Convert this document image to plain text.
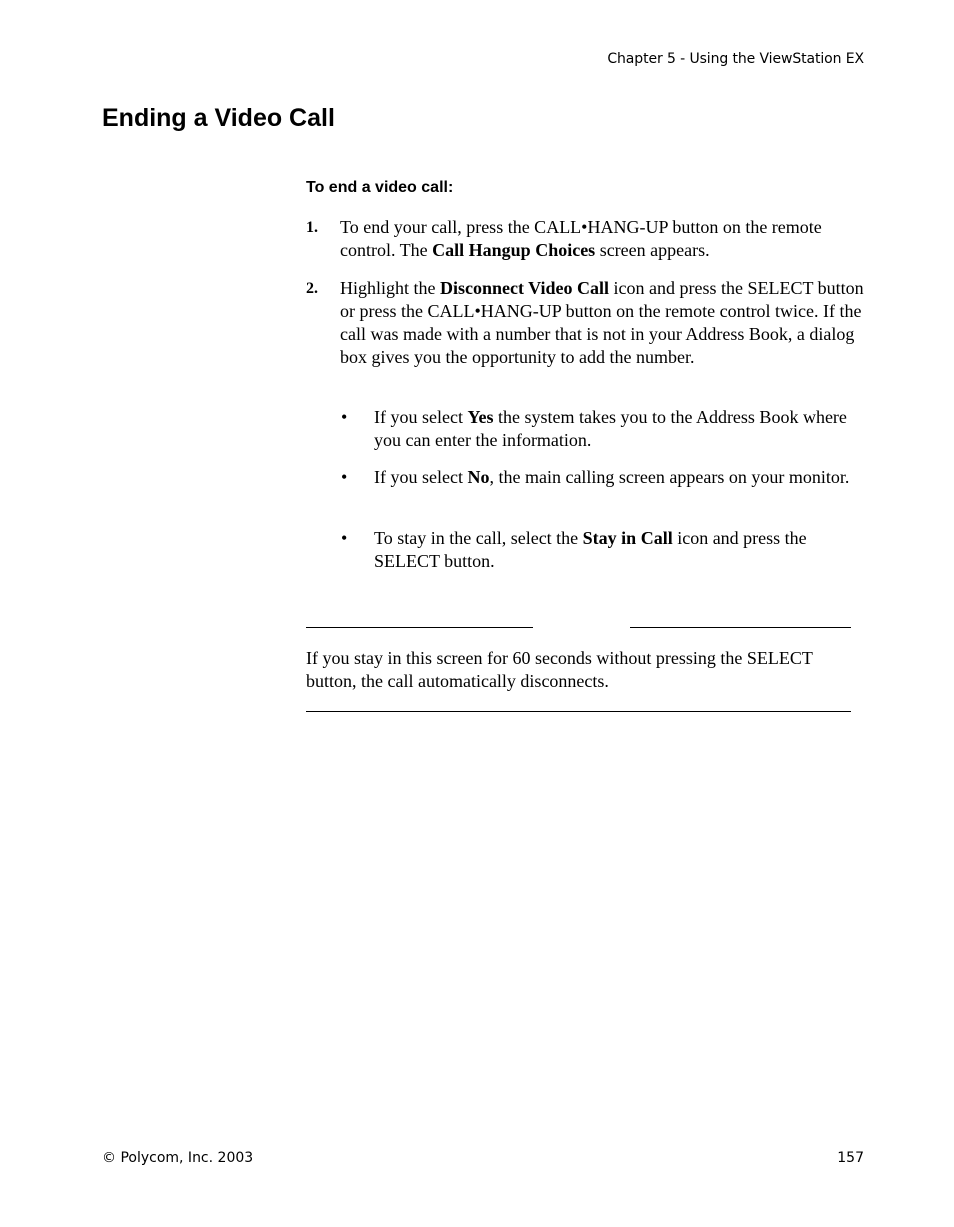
Chapter 5 - Using the ViewStation EX
Ending a Video Call
To end a video call:
1. To end your call, press the CALL•HANG-UP button on the remote control. The Call Hangup Choices screen appears.
2. Highlight the Disconnect Video Call icon and press the SELECT button or press the CALL•HANG-UP button on the remote control twice. If the call was made with a number that is not in your Address Book, a dialog box gives you the opportunity to add the number.
• If you select Yes the system takes you to the Address Book where you can enter the information.
• If you select No, the main calling screen appears on your monitor.
• To stay in the call, select the Stay in Call icon and press the SELECT button.
If you stay in this screen for 60 seconds without pressing the SELECT button, the call automatically disconnects.
© Polycom, Inc. 2003	157
